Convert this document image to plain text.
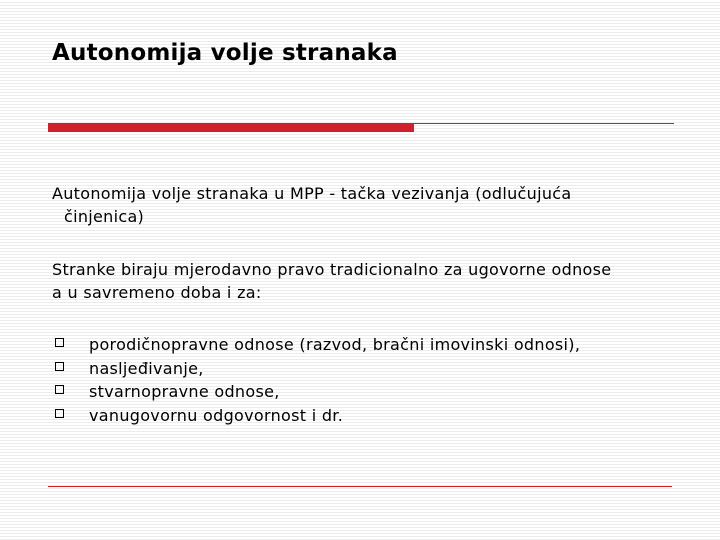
Autonomija volje stranaka

Autonomija volje stranaka u MPP - tačka vezivanja (odlučujuća
činjenica)

Stranke biraju mjerodavno pravo tradicionalno za ugovorne odnose
a u savremeno doba i za:

porodičnopravne odnose (razvod, bračni imovinski odnosi),
nasljeđivanje,
stvarnopravne odnose,
vanugovornu odgovornost i dr.
